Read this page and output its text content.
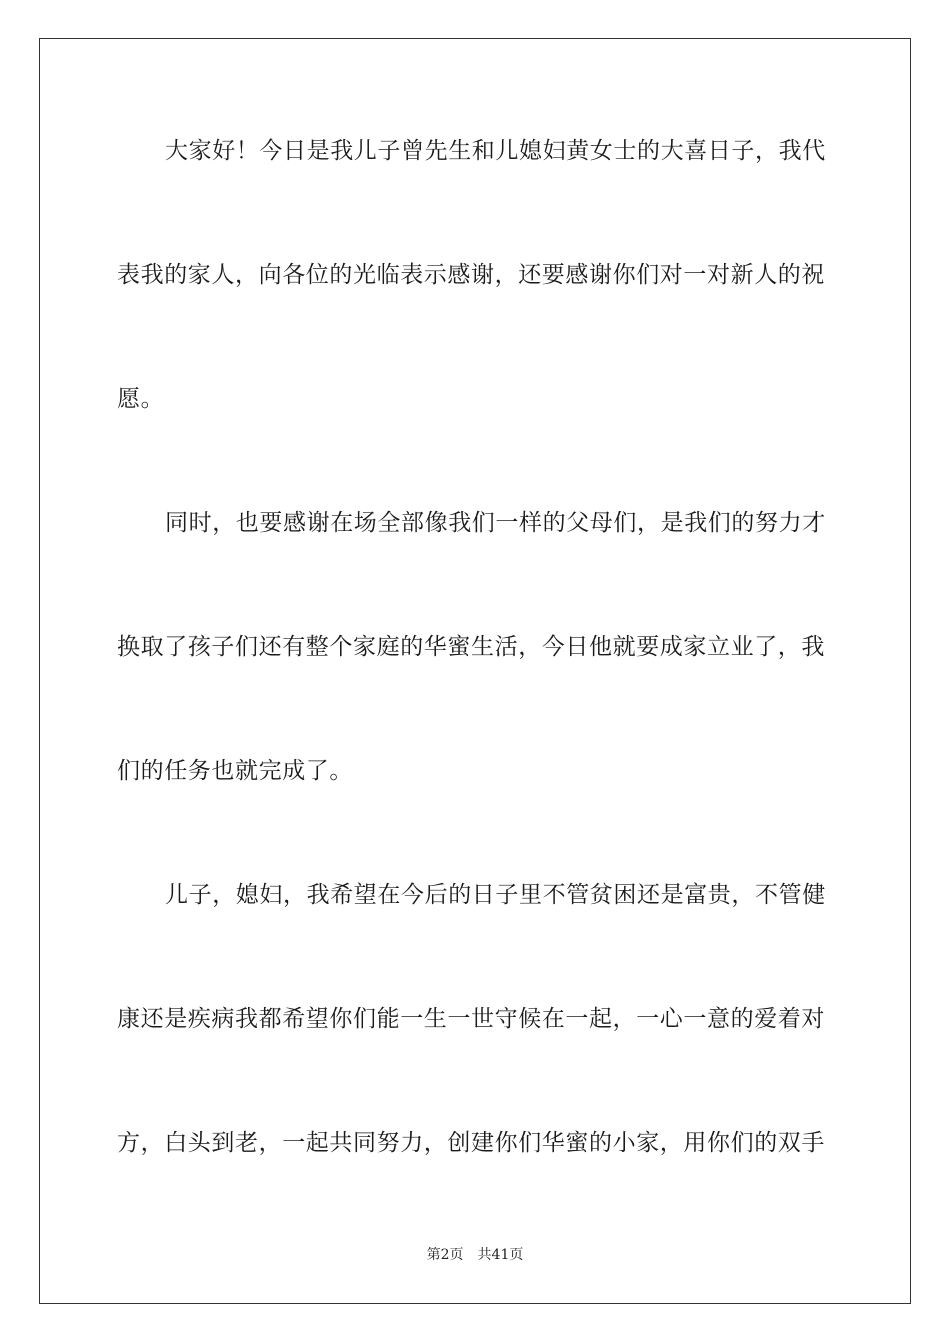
大家好！今日是我儿子曾先生和儿媳妇黄女士的大喜日子，我代
表我的家人，向各位的光临表示感谢，还要感谢你们对一对新人的祝
愿。
同时，也要感谢在场全部像我们一样的父母们，是我们的努力才
换取了孩子们还有整个家庭的华蜜生活，今日他就要成家立业了，我
们的任务也就完成了。
儿子，媳妇，我希望在今后的日子里不管贫困还是富贵，不管健
康还是疾病我都希望你们能一生一世守候在一起，一心一意的爱着对
方，白头到老，一起共同努力，创建你们华蜜的小家，用你们的双手
第2页 共41页
